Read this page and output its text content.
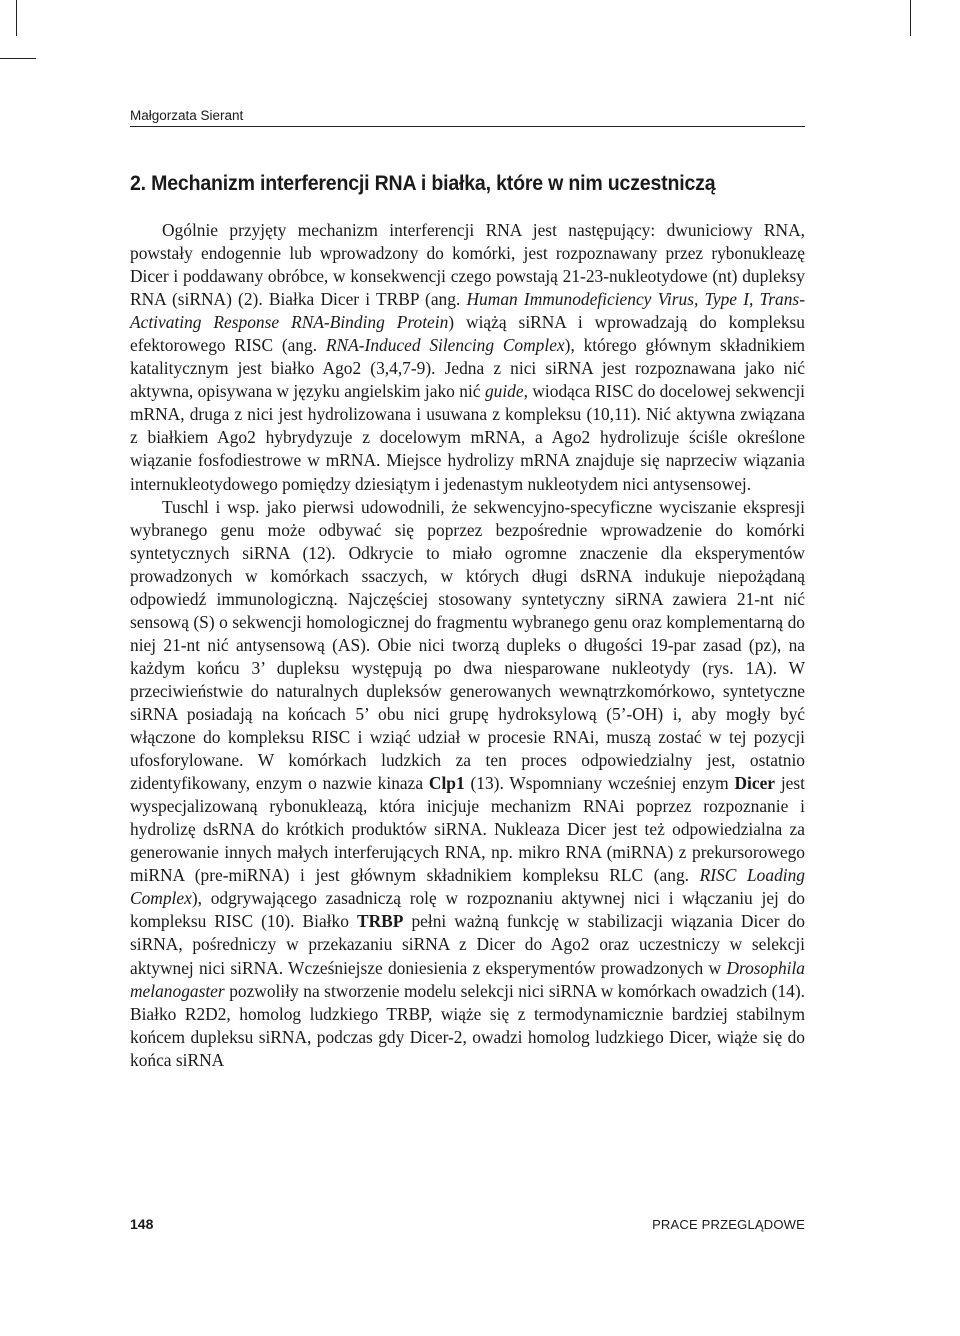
Małgorzata Sierant
2. Mechanizm interferencji RNA i białka, które w nim uczestniczą

Ogólnie przyjęty mechanizm interferencji RNA jest następujący: dwuniciowy RNA, powstały endogennie lub wprowadzony do komórki, jest rozpoznawany przez rybonukleazę Dicer i poddawany obróbce, w konsekwencji czego powstają 21-23-nukleotydowe (nt) dupleksy RNA (siRNA) (2). Białka Dicer i TRBP (ang. Human Immunodeficiency Virus, Type I, Trans-Activating Response RNA-Binding Protein) wiążą siRNA i wprowadzają do kompleksu efektorowego RISC (ang. RNA-Induced Silencing Complex), którego głównym składnikiem katalitycznym jest białko Ago2 (3,4,7-9). Jedna z nici siRNA jest rozpoznawana jako nić aktywna, opisywana w języku angielskim jako nić guide, wiodąca RISC do docelowej sekwencji mRNA, druga z nici jest hydrolizowana i usuwana z kompleksu (10,11). Nić aktywna związana z białkiem Ago2 hybrydyzuje z docelowym mRNA, a Ago2 hydrolizuje ściśle określone wiązanie fosfodiestrowe w mRNA. Miejsce hydrolizy mRNA znajduje się naprzeciw wiązania internukleotydowego pomiędzy dziesiątym i jedenastym nukleotydem nici antysensowej.

Tuschl i wsp. jako pierwsi udowodnili, że sekwencyjno-specyficzne wyciszanie ekspresji wybranego genu może odbywać się poprzez bezpośrednie wprowadzenie do komórki syntetycznych siRNA (12). Odkrycie to miało ogromne znaczenie dla eksperymentów prowadzonych w komórkach ssaczych, w których długi dsRNA indukuje niepożądaną odpowiedź immunologiczną. Najczęściej stosowany syntetyczny siRNA zawiera 21-nt nić sensową (S) o sekwencji homologicznej do fragmentu wybranego genu oraz komplementarną do niej 21-nt nić antysensową (AS). Obie nici tworzą dupleks o długości 19-par zasad (pz), na każdym końcu 3’ dupleksu występują po dwa niesparowane nukleotydy (rys. 1A). W przeciwieństwie do naturalnych dupleksów generowanych wewnątrzkomórkowo, syntetyczne siRNA posiadają na końcach 5’ obu nici grupę hydroksylową (5’-OH) i, aby mogły być włączone do kompleksu RISC i wziąć udział w procesie RNAi, muszą zostać w tej pozycji ufosforylowane. W komórkach ludzkich za ten proces odpowiedzialny jest, ostatnio zidentyfikowany, enzym o nazwie kinaza Clp1 (13). Wspomniany wcześniej enzym Dicer jest wyspecjalizowaną rybonukleazą, która inicjuje mechanizm RNAi poprzez rozpoznanie i hydrolizę dsRNA do krótkich produktów siRNA. Nukleaza Dicer jest też odpowiedzialna za generowanie innych małych interferujących RNA, np. mikro RNA (miRNA) z prekursorowego miRNA (pre-miRNA) i jest głównym składnikiem kompleksu RLC (ang. RISC Loading Complex), odgrywającego zasadniczą rolę w rozpoznaniu aktywnej nici i włączaniu jej do kompleksu RISC (10). Białko TRBP pełni ważną funkcję w stabilizacji wiązania Dicer do siRNA, pośredniczy w przekazaniu siRNA z Dicer do Ago2 oraz uczestniczy w selekcji aktywnej nici siRNA. Wcześniejsze doniesienia z eksperymentów prowadzonych w Drosophila melanogaster pozwoliły na stworzenie modelu selekcji nici siRNA w komórkach owadzich (14). Białko R2D2, homolog ludzkiego TRBP, wiąże się z termodynamicznie bardziej stabilnym końcem dupleksu siRNA, podczas gdy Dicer-2, owadzi homolog ludzkiego Dicer, wiąże się do końca siRNA

148	PRACE PRZEGLĄDOWE
